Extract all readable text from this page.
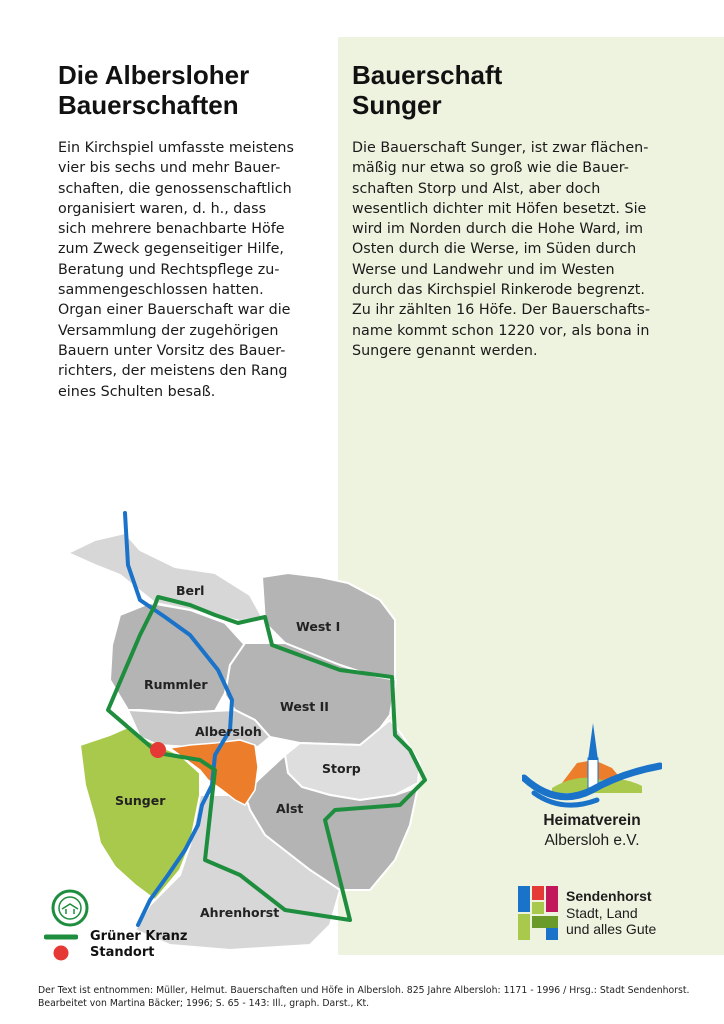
Die Albersloher
Bauerschaften

Ein Kirchspiel umfasste meistens
vier bis sechs und mehr Bauer-
schaften, die genossenschaftlich
organisiert waren, d. h., dass
sich mehrere benachbarte Höfe
zum Zweck gegenseitiger Hilfe,
Beratung und Rechtspflege zu-
sammengeschlossen hatten.
Organ einer Bauerschaft war die
Versammlung der zugehörigen
Bauern unter Vorsitz des Bauer-
richters, der meistens den Rang
eines Schulten besaß.

Bauerschaft
Sunger

Die Bauerschaft Sunger, ist zwar flächen-
mäßig nur etwa so groß wie die Bauer-
schaften Storp und Alst, aber doch
wesentlich dichter mit Höfen besetzt. Sie
wird im Norden durch die Hohe Ward, im
Osten durch die Werse, im Süden durch
Werse und Landwehr und im Westen
durch das Kirchspiel Rinkerode begrenzt.
Zu ihr zählten 16 Höfe. Der Bauerschafts-
name kommt schon 1220 vor, als bona in
Sungere genannt werden.

Berl
West I
Rummler
West II
Albersloh
Storp
Sunger
Alst
Ahrenhorst
Grüner Kranz
Standort
Heimatverein
Albersloh e.V.
Sendenhorst
Stadt, Land
und alles Gute

Der Text ist entnommen: Müller, Helmut. Bauerschaften und Höfe in Albersloh. 825 Jahre Albersloh: 1171 - 1996 / Hrsg.: Stadt Sendenhorst.
Bearbeitet von Martina Bäcker; 1996; S. 65 - 143: Ill., graph. Darst., Kt.
